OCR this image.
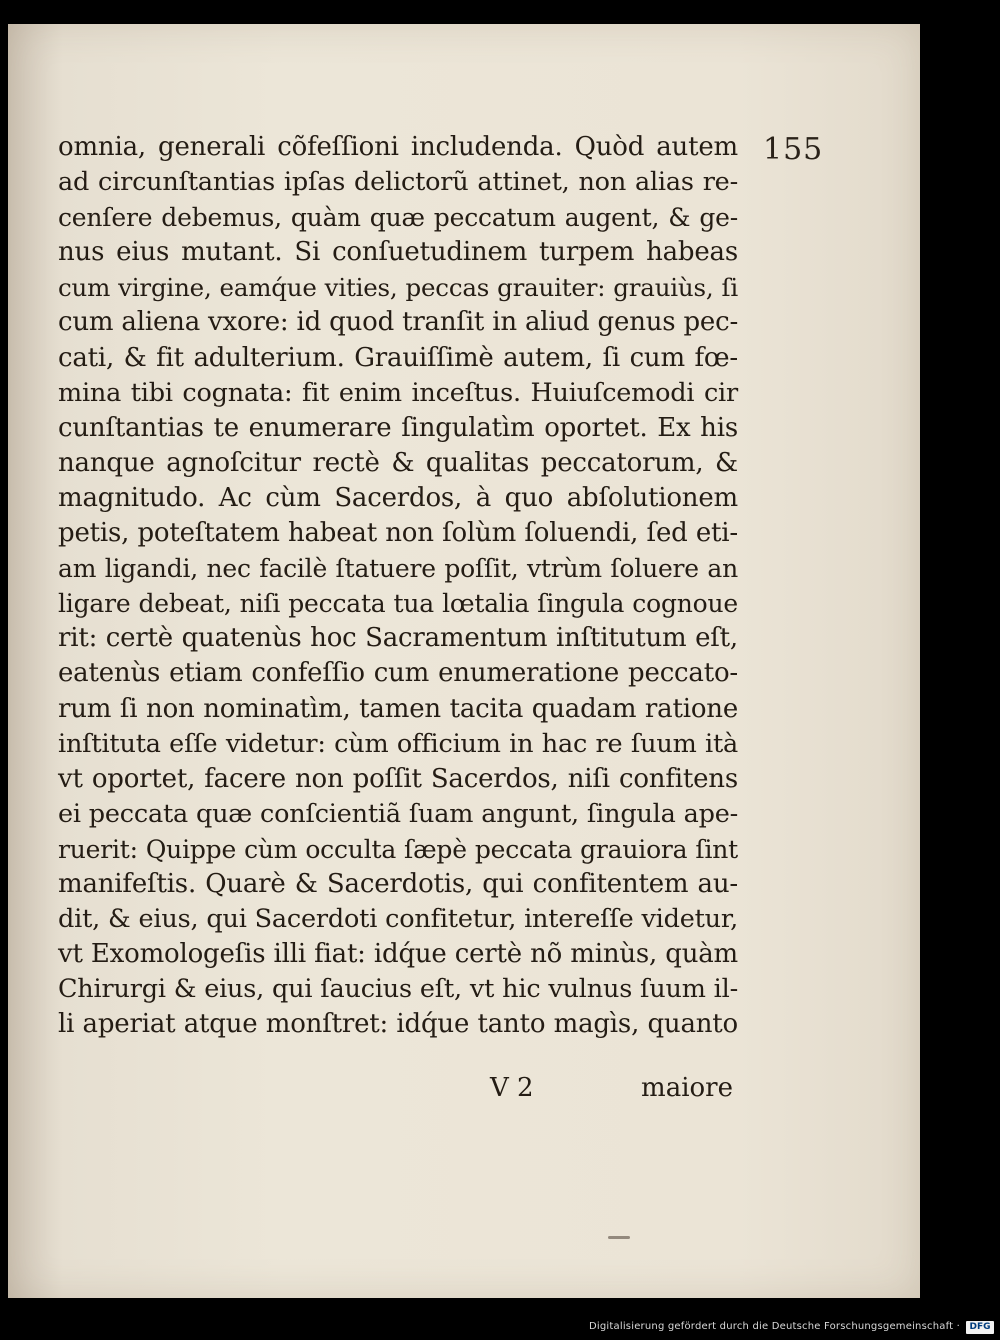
155
omnia, generali cõfeſſioni includenda. Quòd autem
ad circunſtantias ipſas delictorũ attinet, non alias re-
cenſere debemus, quàm quæ peccatum augent, & ge-
nus eius mutant. Si conſuetudinem turpem habeas
cum virgine, eamq́ue vities, peccas grauiter: grauiùs, ſi
cum aliena vxore: id quod tranſit in aliud genus pec-
cati, & fit adulterium. Grauiſſimè autem, ſi cum fœ-
mina tibi cognata: fit enim inceſtus. Huiuſcemodi cir
cunſtantias te enumerare ſingulatìm oportet. Ex his
nanque agnoſcitur rectè & qualitas peccatorum, &
magnitudo. Ac cùm Sacerdos, à quo abſolutionem
petis, poteſtatem habeat non ſolùm ſoluendi, ſed eti-
am ligandi, nec facilè ſtatuere poſſit, vtrùm ſoluere an
ligare debeat, niſi peccata tua lœtalia ſingula cognoue
rit: certè quatenùs hoc Sacramentum inſtitutum eſt,
eatenùs etiam confeſſio cum enumeratione peccato-
rum ſi non nominatìm, tamen tacita quadam ratione
inſtituta eſſe videtur: cùm officium in hac re ſuum ità
vt oportet, facere non poſſit Sacerdos, niſi confitens
ei peccata quæ conſcientiã ſuam angunt, ſingula ape-
ruerit: Quippe cùm occulta ſæpè peccata grauiora ſint
manifeſtis. Quarè & Sacerdotis, qui confitentem au-
dit, & eius, qui Sacerdoti confitetur, intereſſe videtur,
vt Exomologeſis illi fiat: idq́ue certè nõ minùs, quàm
Chirurgi & eius, qui ſaucius eſt, vt hic vulnus ſuum il-
li aperiat atque monſtret: idq́ue tanto magìs, quanto
V 2	maiore
Digitalisierung gefördert durch die Deutsche Forschungsgemeinschaft ·	DFG
